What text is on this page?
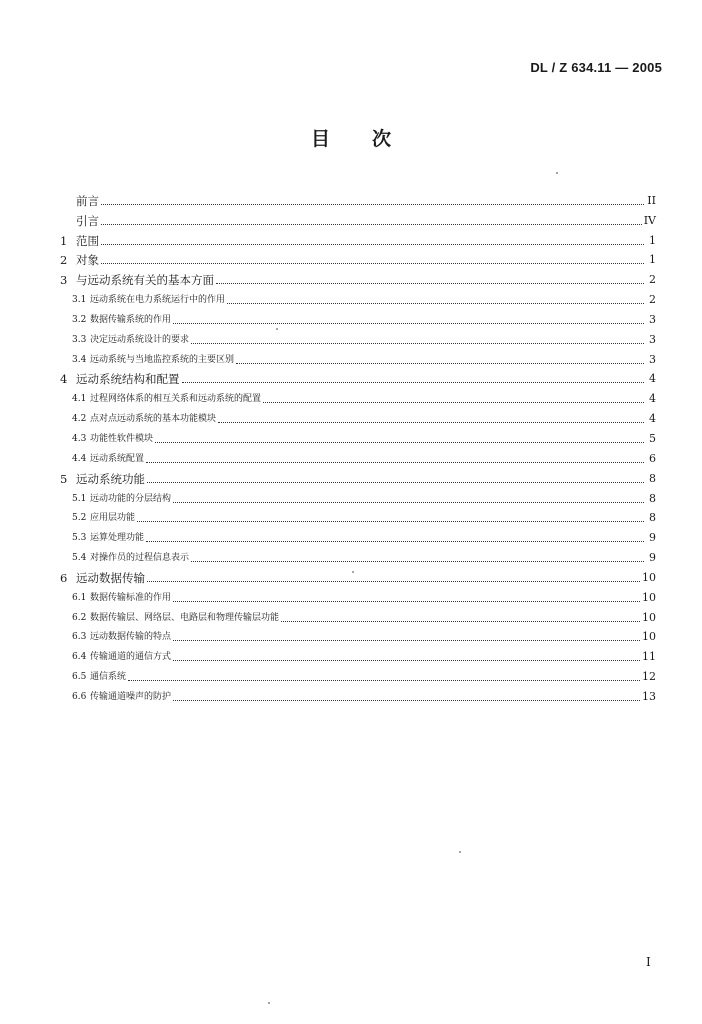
DL / Z 634.11 — 2005
目 次
前言	II
引言	IV
1 范围	1
2 对象	1
3 与远动系统有关的基本方面	2
3.1 远动系统在电力系统运行中的作用	2
3.2 数据传输系统的作用	3
3.3 决定远动系统设计的要求	3
3.4 远动系统与当地监控系统的主要区别	3
4 远动系统结构和配置	4
4.1 过程网络体系的相互关系和远动系统的配置	4
4.2 点对点远动系统的基本功能模块	4
4.3 功能性软件模块	5
4.4 远动系统配置	6
5 远动系统功能	8
5.1 远动功能的分层结构	8
5.2 应用层功能	8
5.3 运算处理功能	9
5.4 对操作员的过程信息表示	9
6 远动数据传输	10
6.1 数据传输标准的作用	10
6.2 数据传输层、网络层、电路层和物理传输层功能	10
6.3 远动数据传输的特点	10
6.4 传输通道的通信方式	11
6.5 通信系统	12
6.6 传输通道噪声的防护	13
I
